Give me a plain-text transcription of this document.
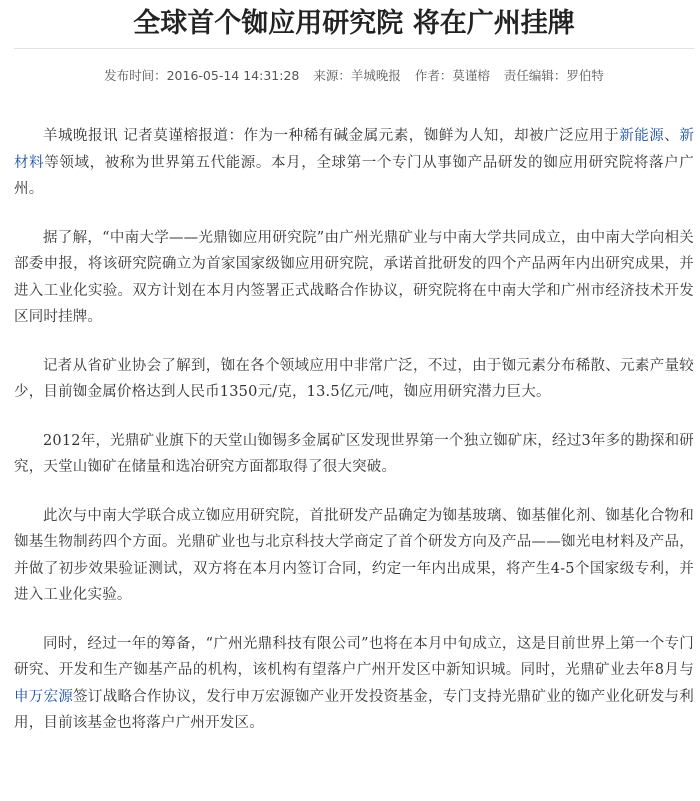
全球首个铷应用研究院 将在广州挂牌
发布时间：2016-05-14 14:31:28 来源：羊城晚报 作者：莫谨榕 责任编辑：罗伯特

羊城晚报讯 记者莫谨榕报道：作为一种稀有碱金属元素，铷鲜为人知，却被广泛应用于新能源、新材料等领域，被称为世界第五代能源。本月，全球第一个专门从事铷产品研发的铷应用研究院将落户广州。

据了解，“中南大学——光鼎铷应用研究院”由广州光鼎矿业与中南大学共同成立，由中南大学向相关部委申报，将该研究院确立为首家国家级铷应用研究院，承诺首批研发的四个产品两年内出研究成果，并进入工业化实验。双方计划在本月内签署正式战略合作协议，研究院将在中南大学和广州市经济技术开发区同时挂牌。

记者从省矿业协会了解到，铷在各个领域应用中非常广泛，不过，由于铷元素分布稀散、元素产量较少，目前铷金属价格达到人民币1350元/克，13.5亿元/吨，铷应用研究潜力巨大。

2012年，光鼎矿业旗下的天堂山铷锡多金属矿区发现世界第一个独立铷矿床，经过3年多的勘探和研究，天堂山铷矿在储量和选冶研究方面都取得了很大突破。

此次与中南大学联合成立铷应用研究院，首批研发产品确定为铷基玻璃、铷基催化剂、铷基化合物和铷基生物制药四个方面。光鼎矿业也与北京科技大学商定了首个研发方向及产品——铷光电材料及产品，并做了初步效果验证测试，双方将在本月内签订合同，约定一年内出成果，将产生4-5个国家级专利，并进入工业化实验。

同时，经过一年的筹备，“广州光鼎科技有限公司”也将在本月中旬成立，这是目前世界上第一个专门研究、开发和生产铷基产品的机构，该机构有望落户广州开发区中新知识城。同时，光鼎矿业去年8月与申万宏源签订战略合作协议，发行申万宏源铷产业开发投资基金，专门支持光鼎矿业的铷产业化研发与利用，目前该基金也将落户广州开发区。
